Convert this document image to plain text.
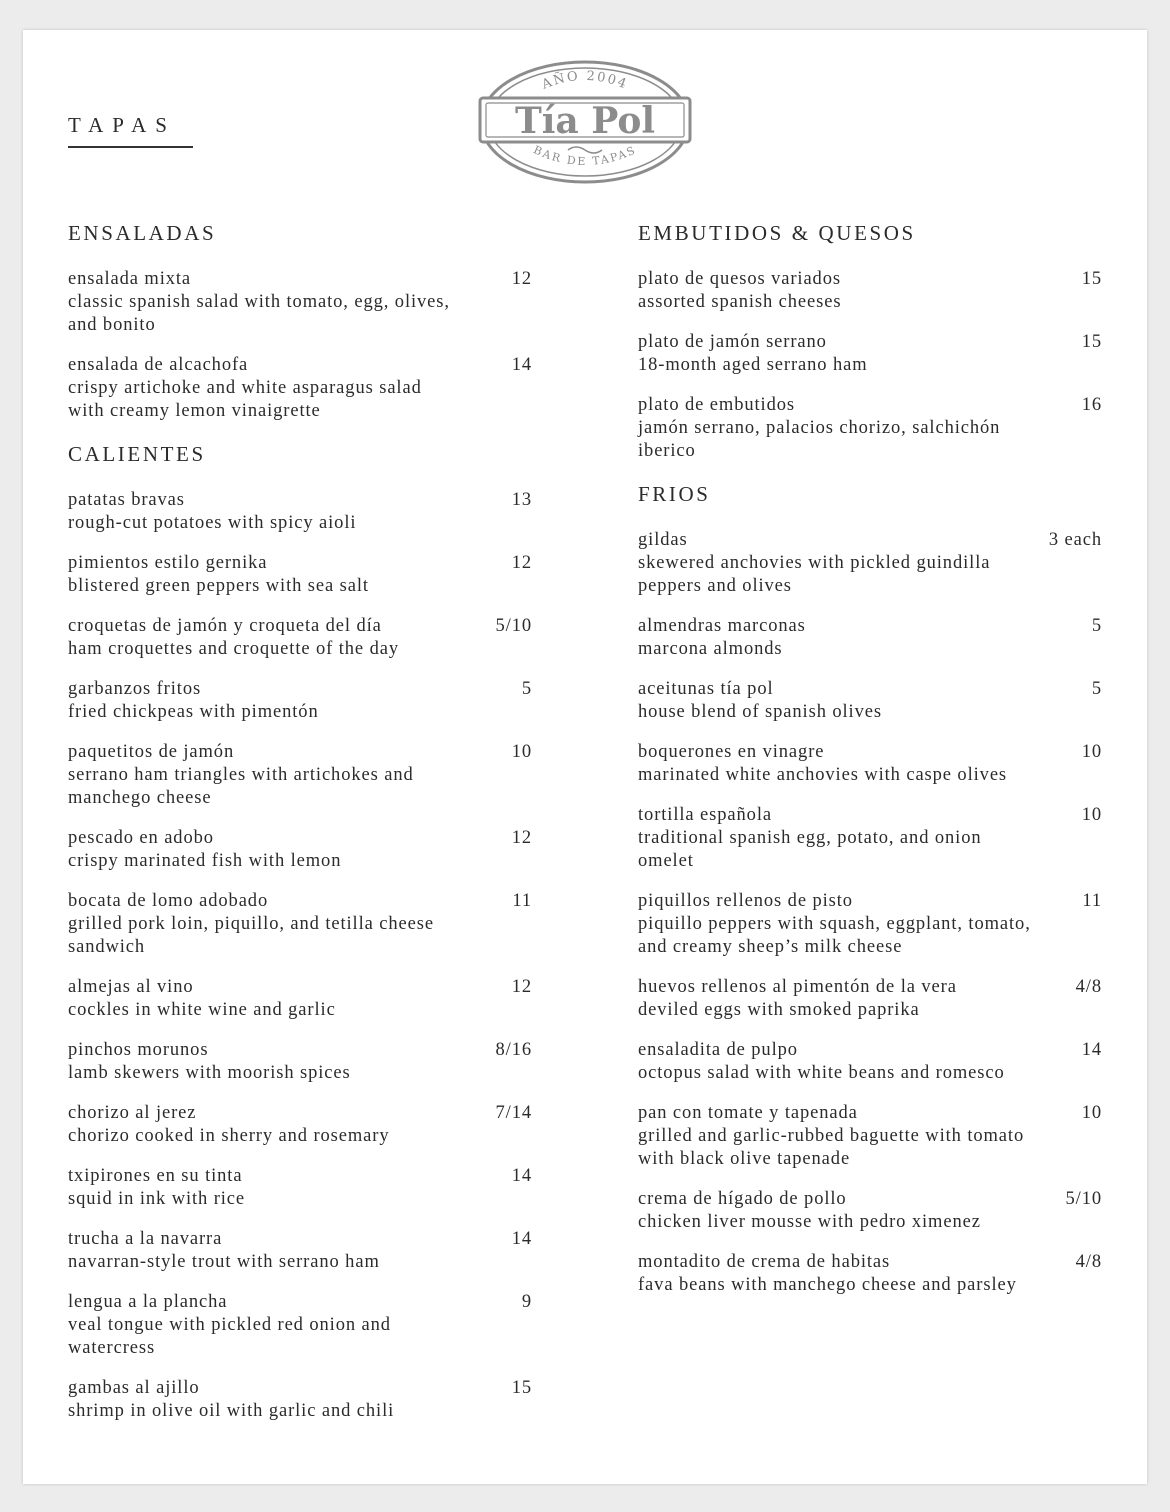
TAPAS
AÑO 2004
Tía Pol
BAR DE TAPAS
ENSALADAS
ensalada mixta
classic spanish salad with tomato, egg, olives, and bonito
12
ensalada de alcachofa
crispy artichoke and white asparagus salad with creamy lemon vinaigrette
14
CALIENTES
patatas bravas
rough-cut potatoes with spicy aioli
13
pimientos estilo gernika
blistered green peppers with sea salt
12
croquetas de jamón y croqueta del día
ham croquettes and croquette of the day
5/10
garbanzos fritos
fried chickpeas with pimentón
5
paquetitos de jamón
serrano ham triangles with artichokes and manchego cheese
10
pescado en adobo
crispy marinated fish with lemon
12
bocata de lomo adobado
grilled pork loin, piquillo, and tetilla cheese sandwich
11
almejas al vino
cockles in white wine and garlic
12
pinchos morunos
lamb skewers with moorish spices
8/16
chorizo al jerez
chorizo cooked in sherry and rosemary
7/14
txipirones en su tinta
squid in ink with rice
14
trucha a la navarra
navarran-style trout with serrano ham
14
lengua a la plancha
veal tongue with pickled red onion and watercress
9
gambas al ajillo
shrimp in olive oil with garlic and chili
15
EMBUTIDOS & QUESOS
plato de quesos variados
assorted spanish cheeses
15
plato de jamón serrano
18-month aged serrano ham
15
plato de embutidos
jamón serrano, palacios chorizo, salchichón iberico
16
FRIOS
gildas
skewered anchovies with pickled guindilla peppers and olives
3 each
almendras marconas
marcona almonds
5
aceitunas tía pol
house blend of spanish olives
5
boquerones en vinagre
marinated white anchovies with caspe olives
10
tortilla española
traditional spanish egg, potato, and onion omelet
10
piquillos rellenos de pisto
piquillo peppers with squash, eggplant, tomato, and creamy sheep’s milk cheese
11
huevos rellenos al pimentón de la vera
deviled eggs with smoked paprika
4/8
ensaladita de pulpo
octopus salad with white beans and romesco
14
pan con tomate y tapenada
grilled and garlic-rubbed baguette with tomato with black olive tapenade
10
crema de hígado de pollo
chicken liver mousse with pedro ximenez
5/10
montadito de crema de habitas
fava beans with manchego cheese and parsley
4/8
